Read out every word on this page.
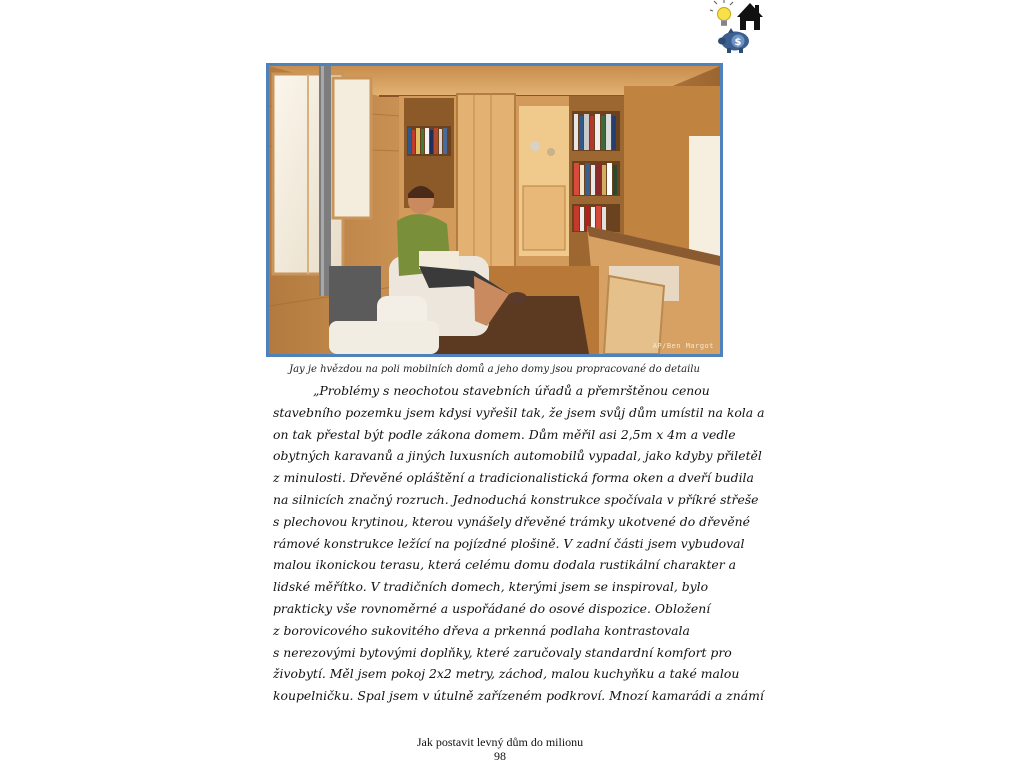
$
AP/Ben Margot
Jay je hvězdou na poli mobilních domů a jeho domy jsou propracované do detailu
„Problémy s neochotou stavebních úřadů a přemrštěnou cenou
stavebního pozemku jsem kdysi vyřešil tak, že jsem svůj dům umístil na kola a
on tak přestal být podle zákona domem. Dům měřil asi 2,5m x 4m a vedle
obytných karavanů a jiných luxusních automobilů vypadal, jako kdyby přiletěl
z minulosti. Dřevěné opláštění a tradicionalistická forma oken a dveří budila
na silnicích značný rozruch. Jednoduchá konstrukce spočívala v příkré střeše
s plechovou krytinou, kterou vynášely dřevěné trámky ukotvené do dřevěné
rámové konstrukce ležící na pojízdné plošině. V zadní části jsem vybudoval
malou ikonickou terasu, která celému domu dodala rustikální charakter a
lidské měřítko. V tradičních domech, kterými jsem se inspiroval, bylo
prakticky vše rovnoměrné a uspořádané do osové dispozice. Obložení
z borovicového sukovitého dřeva a prkenná podlaha kontrastovala
s nerezovými bytovými doplňky, které zaručovaly standardní komfort pro
živobytí. Měl jsem pokoj 2x2 metry, záchod, malou kuchyňku a také malou
koupelničku. Spal jsem v útulně zařízeném podkroví. Mnozí kamarádi a známí
Jak postavit levný dům do milionu
98
